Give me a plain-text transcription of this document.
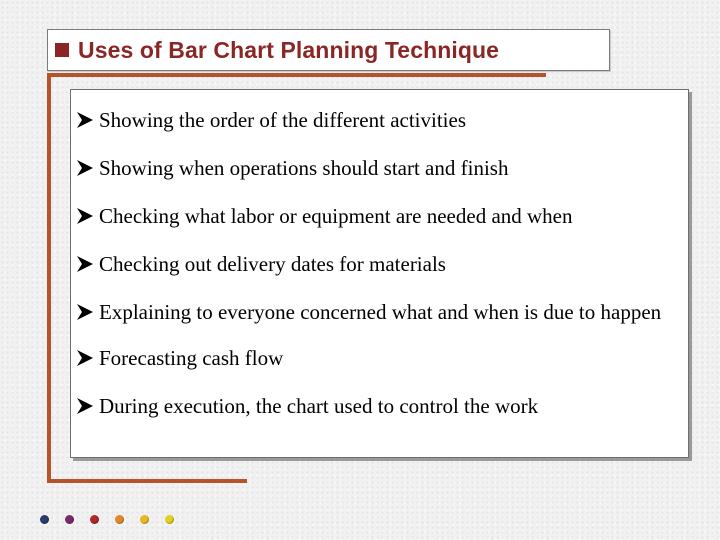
Uses of Bar Chart Planning Technique
Showing the order of the different activities
Showing when operations should start and finish
Checking what labor or equipment are needed and when
Checking out delivery dates for materials
Explaining to everyone concerned what and when is due to happen
Forecasting cash flow
During execution, the chart used to control the work
